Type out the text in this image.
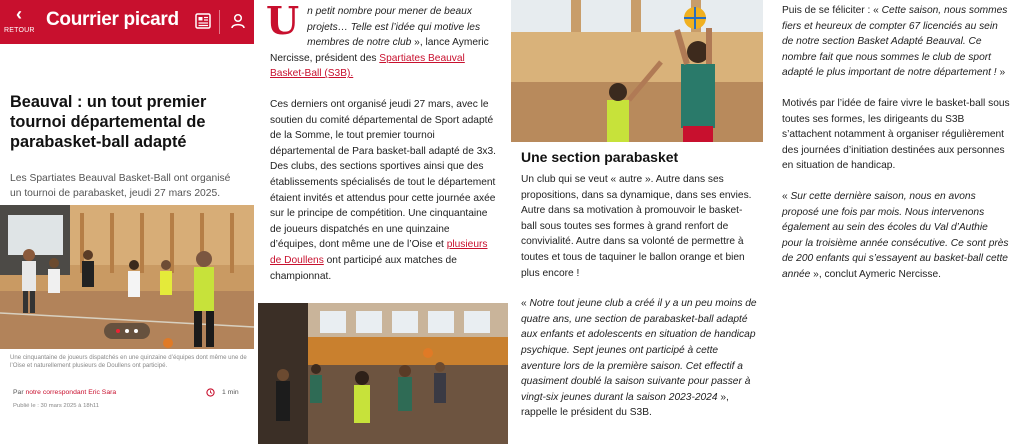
‹
RETOUR
Courrier picard
Beauval : un tout premier tournoi départemental de parabasket-ball adapté

Les Spartiates Beauval Basket-Ball ont organisé un tournoi de parabasket, jeudi 27 mars 2025.

Une cinquantaine de joueurs dispatchés en une quinzaine d’équipes dont même une de l’Oise et naturellement plusieurs de Doullens ont participé.

Par notre correspondant Eric Sara	1 min
Publié le : 30 mars 2025 à 18h11

Un petit nombre pour mener de beaux projets… Telle est l’idée qui motive les membres de notre club », lance Aymeric Nercisse, président des Spartiates Beauval Basket-Ball (S3B).

Ces derniers ont organisé jeudi 27 mars, avec le soutien du comité départemental de Sport adapté de la Somme, le tout premier tournoi départemental de Para basket-ball adapté de 3x3. Des clubs, des sections sportives ainsi que des établissements spécialisés de tout le département étaient invités et attendus pour cette journée axée sur le principe de compétition. Une cinquantaine de joueurs dispatchés en une quinzaine d’équipes, dont même une de l’Oise et plusieurs de Doullens ont participé aux matches de championnat.

Une section parabasket

Un club qui se veut « autre ». Autre dans ses propositions, dans sa dynamique, dans ses envies. Autre dans sa motivation à promouvoir le basket-ball sous toutes ses formes à grand renfort de convivialité. Autre dans sa volonté de permettre à toutes et tous de taquiner le ballon orange et bien plus encore !

« Notre tout jeune club a créé il y a un peu moins de quatre ans, une section de parabasket-ball adapté aux enfants et adolescents en situation de handicap psychique. Sept jeunes ont participé à cette aventure lors de la première saison. Cet effectif a quasiment doublé la saison suivante pour passer à vingt-six jeunes durant la saison 2023-2024 », rappelle le président du S3B.

Puis de se féliciter : « Cette saison, nous sommes fiers et heureux de compter 67 licenciés au sein de notre section Basket Adapté Beauval. Ce nombre fait que nous sommes le club de sport adapté le plus important de notre département ! »

Motivés par l’idée de faire vivre le basket-ball sous toutes ses formes, les dirigeants du S3B s’attachent notamment à organiser régulièrement des journées d’initiation destinées aux personnes en situation de handicap.

« Sur cette dernière saison, nous en avons proposé une fois par mois. Nous intervenons également au sein des écoles du Val d’Authie pour la troisième année consécutive. Ce sont près de 200 enfants qui s’essayent au basket-ball cette année », conclut Aymeric Nercisse.
